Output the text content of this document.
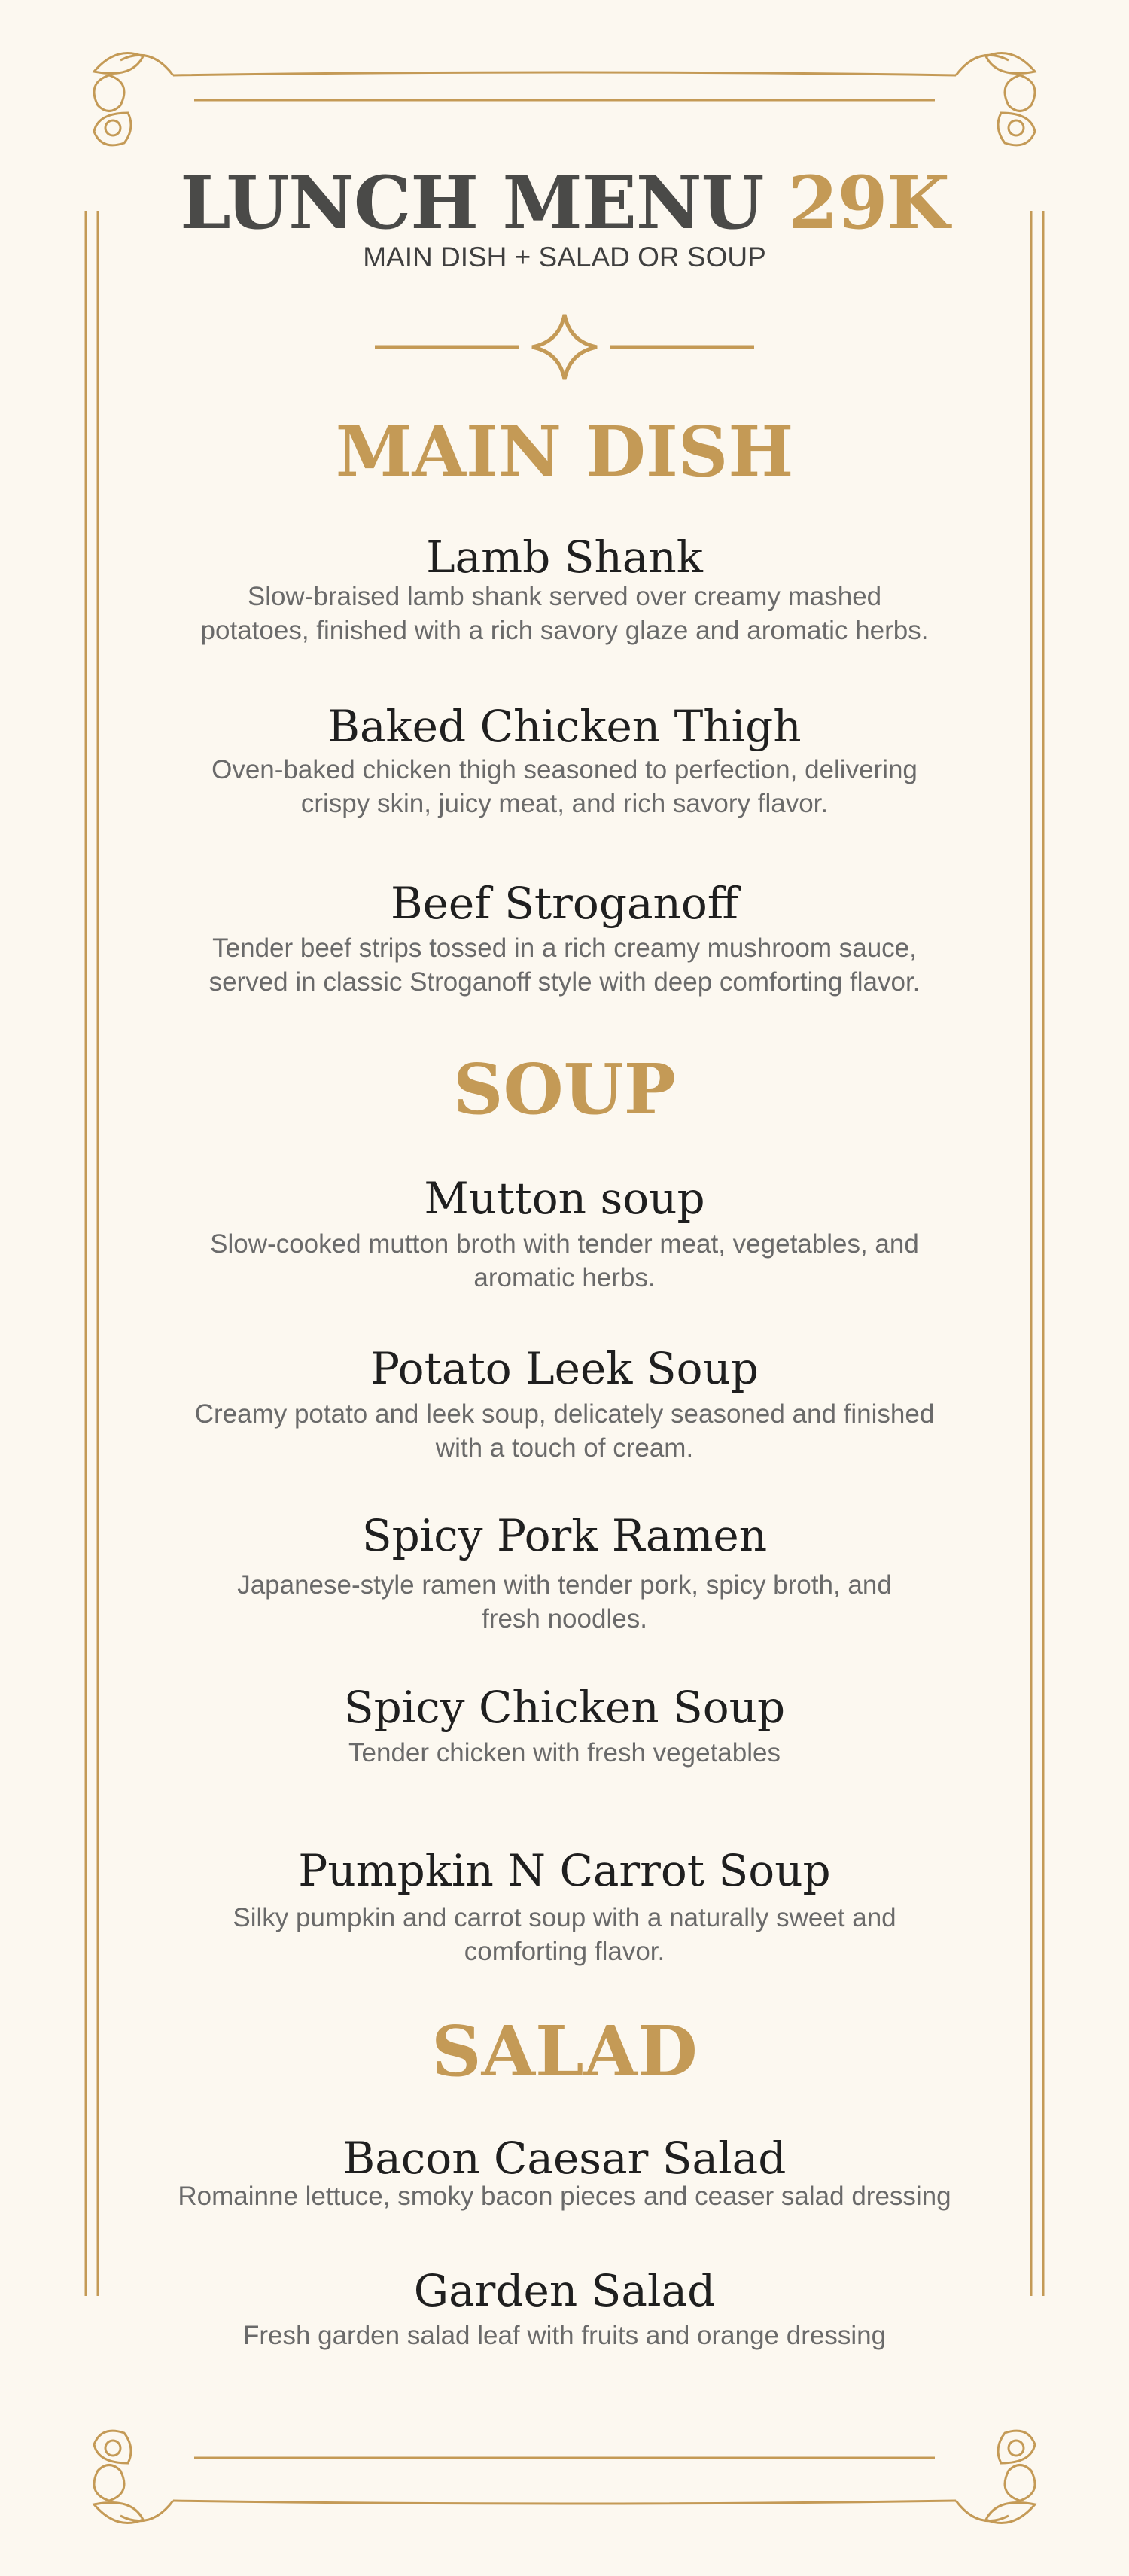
LUNCH MENU 29K
MAIN DISH + SALAD OR SOUP
MAIN DISH
Lamb Shank
Slow-braised lamb shank served over creamy mashed
potatoes, finished with a rich savory glaze and aromatic herbs.
Baked Chicken Thigh
Oven-baked chicken thigh seasoned to perfection, delivering
crispy skin, juicy meat, and rich savory flavor.
Beef Stroganoff
Tender beef strips tossed in a rich creamy mushroom sauce,
served in classic Stroganoff style with deep comforting flavor.
SOUP
Mutton soup
Slow-cooked mutton broth with tender meat, vegetables, and
aromatic herbs.
Potato Leek Soup
Creamy potato and leek soup, delicately seasoned and finished
with a touch of cream.
Spicy Pork Ramen
Japanese-style ramen with tender pork, spicy broth, and
fresh noodles.
Spicy Chicken Soup
Tender chicken with fresh vegetables
Pumpkin N Carrot Soup
Silky pumpkin and carrot soup with a naturally sweet and
comforting flavor.
SALAD
Bacon Caesar Salad
Romainne lettuce, smoky bacon pieces and ceaser salad dressing
Garden Salad
Fresh garden salad leaf with fruits and orange dressing
